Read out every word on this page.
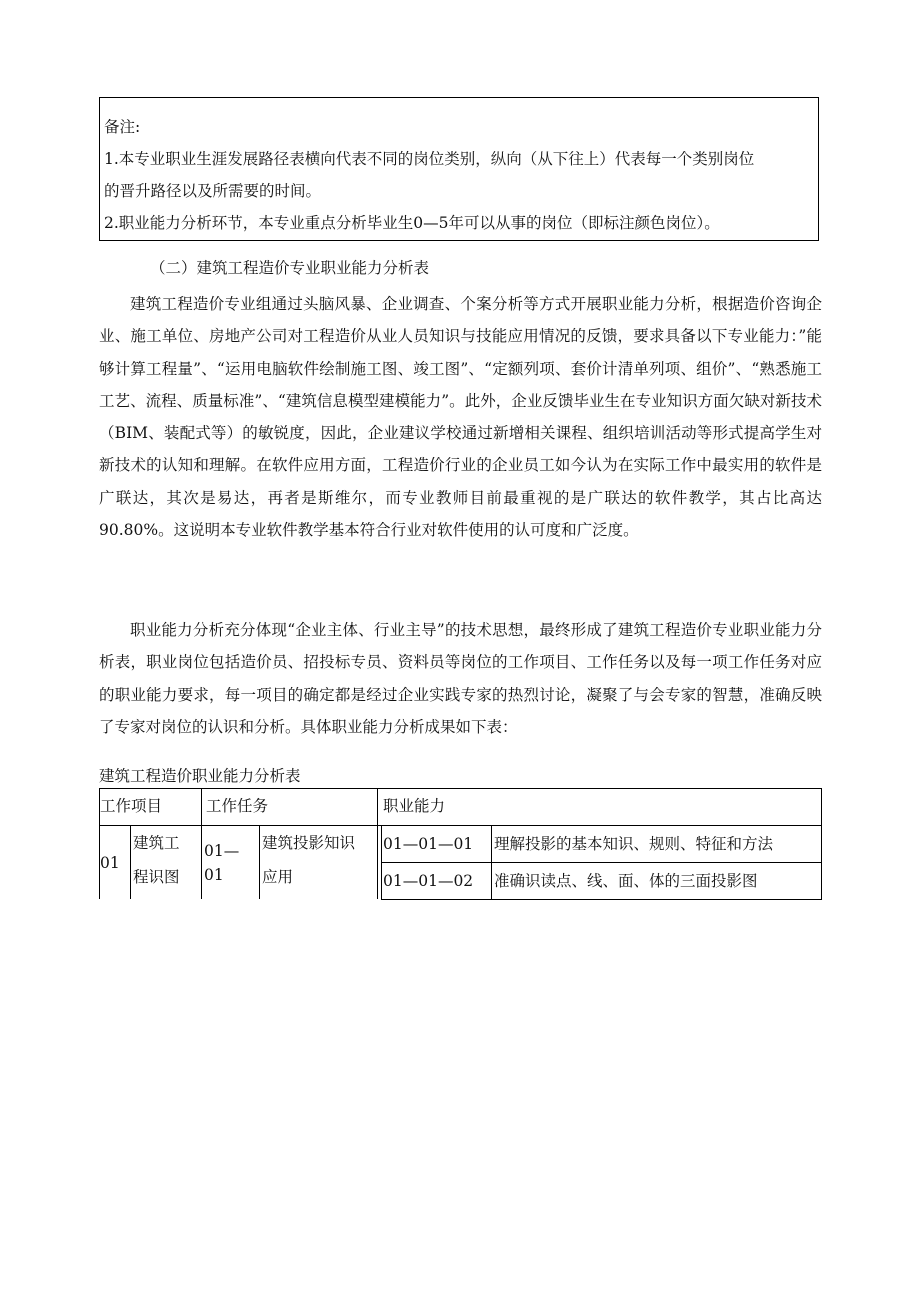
备注:

1.本专业职业生涯发展路径表横向代表不同的岗位类别，纵向（从下往上）代表每一个类别岗位

的晋升路径以及所需要的时间。

2.职业能力分析环节，本专业重点分析毕业生0—5年可以从事的岗位（即标注颜色岗位）。

（二）建筑工程造价专业职业能力分析表

建筑工程造价专业组通过头脑风暴、企业调查、个案分析等方式开展职业能力分析，根据造价咨询企业、施工单位、房地产公司对工程造价从业人员知识与技能应用情况的反馈，要求具备以下专业能力：”能够计算工程量”、“运用电脑软件绘制施工图、竣工图”、“定额列项、套价计清单列项、组价”、“熟悉施工工艺、流程、质量标准”、“建筑信息模型建模能力”。此外，企业反馈毕业生在专业知识方面欠缺对新技术（BIM、装配式等）的敏锐度，因此，企业建议学校通过新增相关课程、组织培训活动等形式提高学生对新技术的认知和理解。在软件应用方面，工程造价行业的企业员工如今认为在实际工作中最实用的软件是广联达，其次是易达，再者是斯维尔，而专业教师目前最重视的是广联达的软件教学，其占比高达90.80%。这说明本专业软件教学基本符合行业对软件使用的认可度和广泛度。

职业能力分析充分体现“企业主体、行业主导”的技术思想，最终形成了建筑工程造价专业职业能力分析表，职业岗位包括造价员、招投标专员、资料员等岗位的工作项目、工作任务以及每一项工作任务对应的职业能力要求，每一项目的确定都是经过企业实践专家的热烈讨论，凝聚了与会专家的智慧，准确反映了专家对岗位的认识和分析。具体职业能力分析成果如下表：

建筑工程造价职业能力分析表

工作项目	工作任务	职业能力
01
建筑工
程识图
01—
01
建筑投影知识
应用
01—01—01 理解投影的基本知识、规则、特征和方法
01—01—02 准确识读点、线、面、体的三面投影图
